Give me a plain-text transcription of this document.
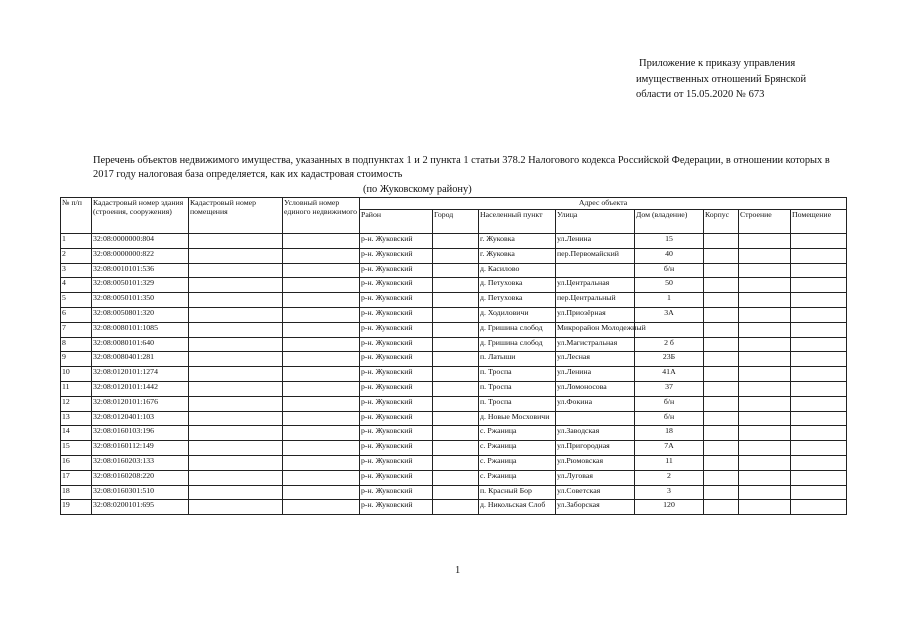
Приложение к приказу управления
имущественных отношений Брянской
области от 15.05.2020 № 673
Перечень объектов недвижимого имущества, указанных в подпунктах 1 и 2 пункта 1 статьи 378.2 Налогового кодекса Российской Федерации, в отношении которых в 2017 году налоговая база определяется, как их кадастровая стоимость
(по Жуковскому району)
№ п/п	Кадастровый номер здания (строения, сооружения)	Кадастровый номер помещения	Условный номер единого недвижимого	Адрес объекта							
				Район	Город	Населенный пункт	Улица	Дом (владение)	Корпус	Строение	Помещение
1	32:08:0000000:804			р-н. Жуковский		г. Жуковка	ул.Ленина	15			
2	32:08:0000000:822			р-н. Жуковский		г. Жуковка	пер.Первомайский	40			
3	32:08:0010101:536			р-н. Жуковский		д. Касилово		б/н			
4	32:08:0050101:329			р-н. Жуковский		д. Петуховка	ул.Центральная	50			
5	32:08:0050101:350			р-н. Жуковский		д. Петуховка	пер.Центральный	1			
6	32:08:0050801:320			р-н. Жуковский		д. Ходиловичи	ул.Приозёрная	3А			
7	32:08:0080101:1085			р-н. Жуковский		д. Гришина слобод	Микрорайон Молодежный				
8	32:08:0080101:640			р-н. Жуковский		д. Гришина слобод	ул.Магистральная	2 б			
9	32:08:0080401:281			р-н. Жуковский		п. Латыши	ул.Лесная	23Б			
10	32:08:0120101:1274			р-н. Жуковский		п. Троспа	ул.Ленина	41А			
11	32:08:0120101:1442			р-н. Жуковский		п. Троспа	ул.Ломоносова	37			
12	32:08:0120101:1676			р-н. Жуковский		п. Троспа	ул.Фокина	б/н			
13	32:08:0120401:103			р-н. Жуковский		д. Новые Мосховичи		б/н			
14	32:08:0160103:196			р-н. Жуковский		с. Ржаница	ул.Заводская	18			
15	32:08:0160112:149			р-н. Жуковский		с. Ржаница	ул.Пригородная	7А			
16	32:08:0160203:133			р-н. Жуковский		с. Ржаница	ул.Рюмовская	11			
17	32:08:0160208:220			р-н. Жуковский		с. Ржаница	ул.Луговая	2			
18	32:08:0160301:510			р-н. Жуковский		п. Красный Бор	ул.Советская	3			
19	32:08:0200101:695			р-н. Жуковский		д. Никольская Слоб	ул.Заборская	120			
1
